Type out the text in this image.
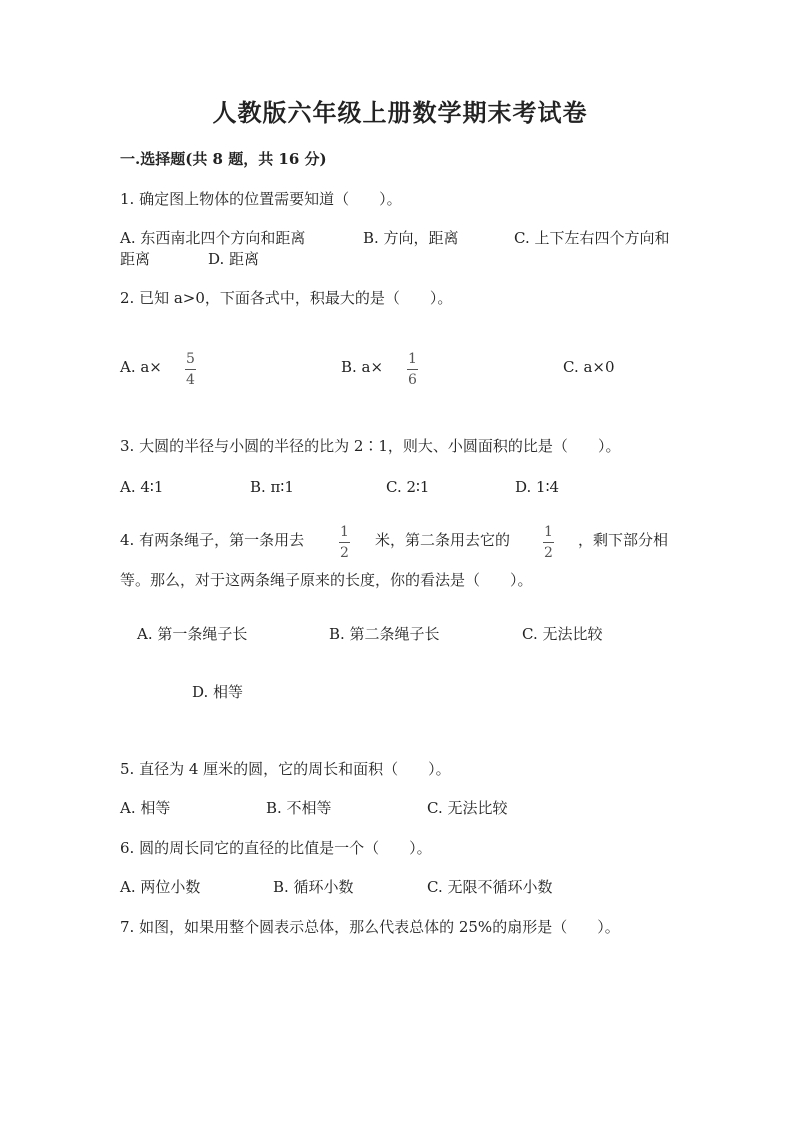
人教版六年级上册数学期末考试卷
一.选择题(共 8 题，共 16 分)
1. 确定图上物体的位置需要知道（　　）。
A. 东西南北四个方向和距离	B. 方向，距离	C. 上下左右四个方向和
距离	D. 距离
2. 已知 a>0，下面各式中，积最大的是（　　）。
A. a× 5
4
B. a× 1
6
C. a×0
3. 大圆的半径与小圆的半径的比为 2∶1，则大、小圆面积的比是（　　）。
A. 4∶1	B. π∶1	C. 2∶1	D. 1∶4
4. 有两条绳子，第一条用去	1
2
米，第二条用去它的 1
2
，剩下部分相
等。那么，对于这两条绳子原来的长度，你的看法是（　　）。
A. 第一条绳子长	B. 第二条绳子长	C. 无法比较
D. 相等
5. 直径为 4 厘米的圆，它的周长和面积（　　）。
A. 相等	B. 不相等	C. 无法比较
6. 圆的周长同它的直径的比值是一个（　　）。
A. 两位小数	B. 循环小数	C. 无限不循环小数
7. 如图，如果用整个圆表示总体，那么代表总体的 25%的扇形是（　　）。
